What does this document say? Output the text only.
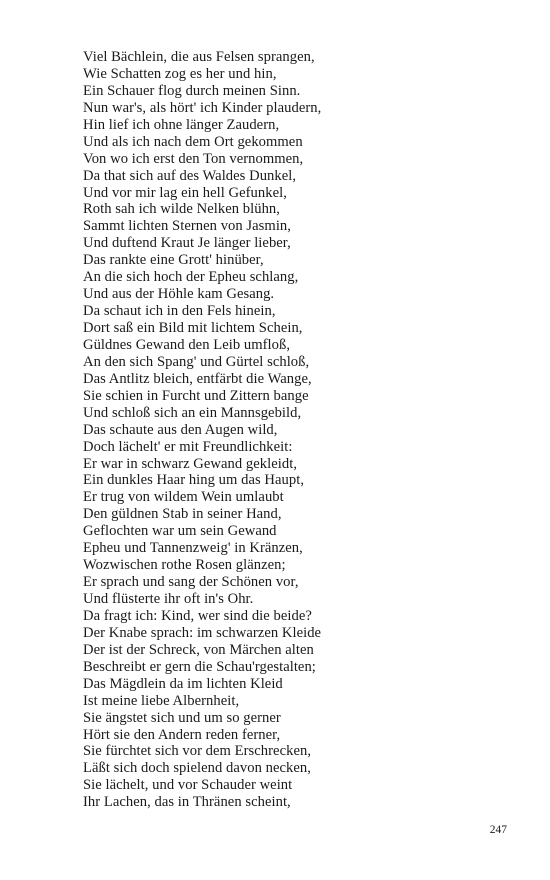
Viel Bächlein, die aus Felsen sprangen,
Wie Schatten zog es her und hin,
Ein Schauer flog durch meinen Sinn.
Nun war's, als hört' ich Kinder plaudern,
Hin lief ich ohne länger Zaudern,
Und als ich nach dem Ort gekommen
Von wo ich erst den Ton vernommen,
Da that sich auf des Waldes Dunkel,
Und vor mir lag ein hell Gefunkel,
Roth sah ich wilde Nelken blühn,
Sammt lichten Sternen von Jasmin,
Und duftend Kraut Je länger lieber,
Das rankte eine Grott' hinüber,
An die sich hoch der Epheu schlang,
Und aus der Höhle kam Gesang.
Da schaut ich in den Fels hinein,
Dort saß ein Bild mit lichtem Schein,
Güldnes Gewand den Leib umfloß,
An den sich Spang' und Gürtel schloß,
Das Antlitz bleich, entfärbt die Wange,
Sie schien in Furcht und Zittern bange
Und schloß sich an ein Mannsgebild,
Das schaute aus den Augen wild,
Doch lächelt' er mit Freundlichkeit:
Er war in schwarz Gewand gekleidt,
Ein dunkles Haar hing um das Haupt,
Er trug von wildem Wein umlaubt
Den güldnen Stab in seiner Hand,
Geflochten war um sein Gewand
Epheu und Tannenzweig' in Kränzen,
Wozwischen rothe Rosen glänzen;
Er sprach und sang der Schönen vor,
Und flüsterte ihr oft in's Ohr.
Da fragt ich: Kind, wer sind die beide?
Der Knabe sprach: im schwarzen Kleide
Der ist der Schreck, von Märchen alten
Beschreibt er gern die Schau'rgestalten;
Das Mägdlein da im lichten Kleid
Ist meine liebe Albernheit,
Sie ängstet sich und um so gerner
Hört sie den Andern reden ferner,
Sie fürchtet sich vor dem Erschrecken,
Läßt sich doch spielend davon necken,
Sie lächelt, und vor Schauder weint
Ihr Lachen, das in Thränen scheint,
247
